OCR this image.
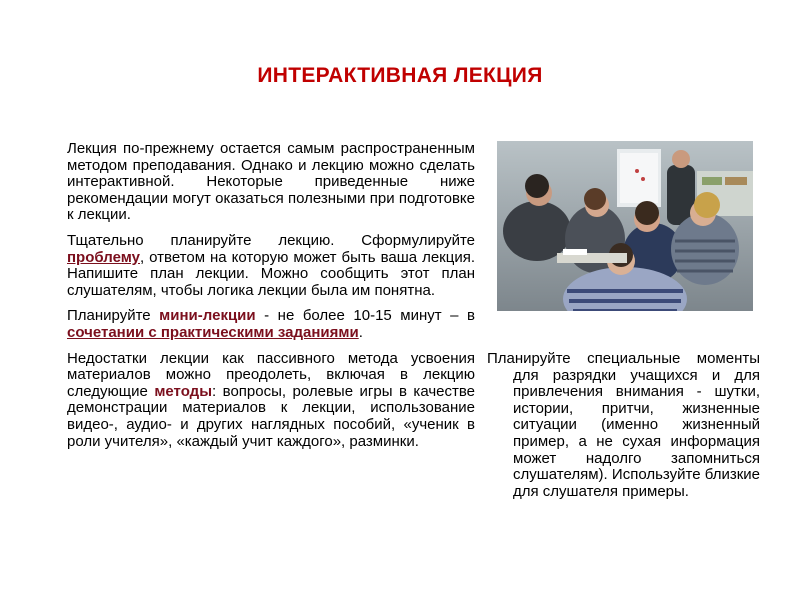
ИНТЕРАКТИВНАЯ ЛЕКЦИЯ

Лекция по-прежнему остается самым распространенным методом преподавания. Однако и лекцию можно сделать интерактивной. Некоторые приведенные ниже рекомендации могут оказаться полезными при подготовке к лекции.

Тщательно планируйте лекцию. Сформулируйте проблему, ответом на которую может быть ваша лекция. Напишите план лекции. Можно сообщить этот план слушателям, чтобы логика лекции была им понятна.

Планируйте мини-лекции - не более 10-15 минут – в сочетании с практическими заданиями.

Недостатки лекции как пассивного метода усвоения материалов можно преодолеть, включая в лекцию следующие методы: вопросы, ролевые игры в качестве демонстрации материалов к лекции, использование видео-, аудио- и других наглядных пособий, «ученик в роли учителя», «каждый учит каждого», разминки.

Планируйте специальные моменты для разрядки учащихся и для привлечения внимания - шутки, истории, притчи, жизненные ситуации (именно жизненный пример, а не сухая информация может надолго запомниться слушателям). Используйте близкие для слушателя примеры.
